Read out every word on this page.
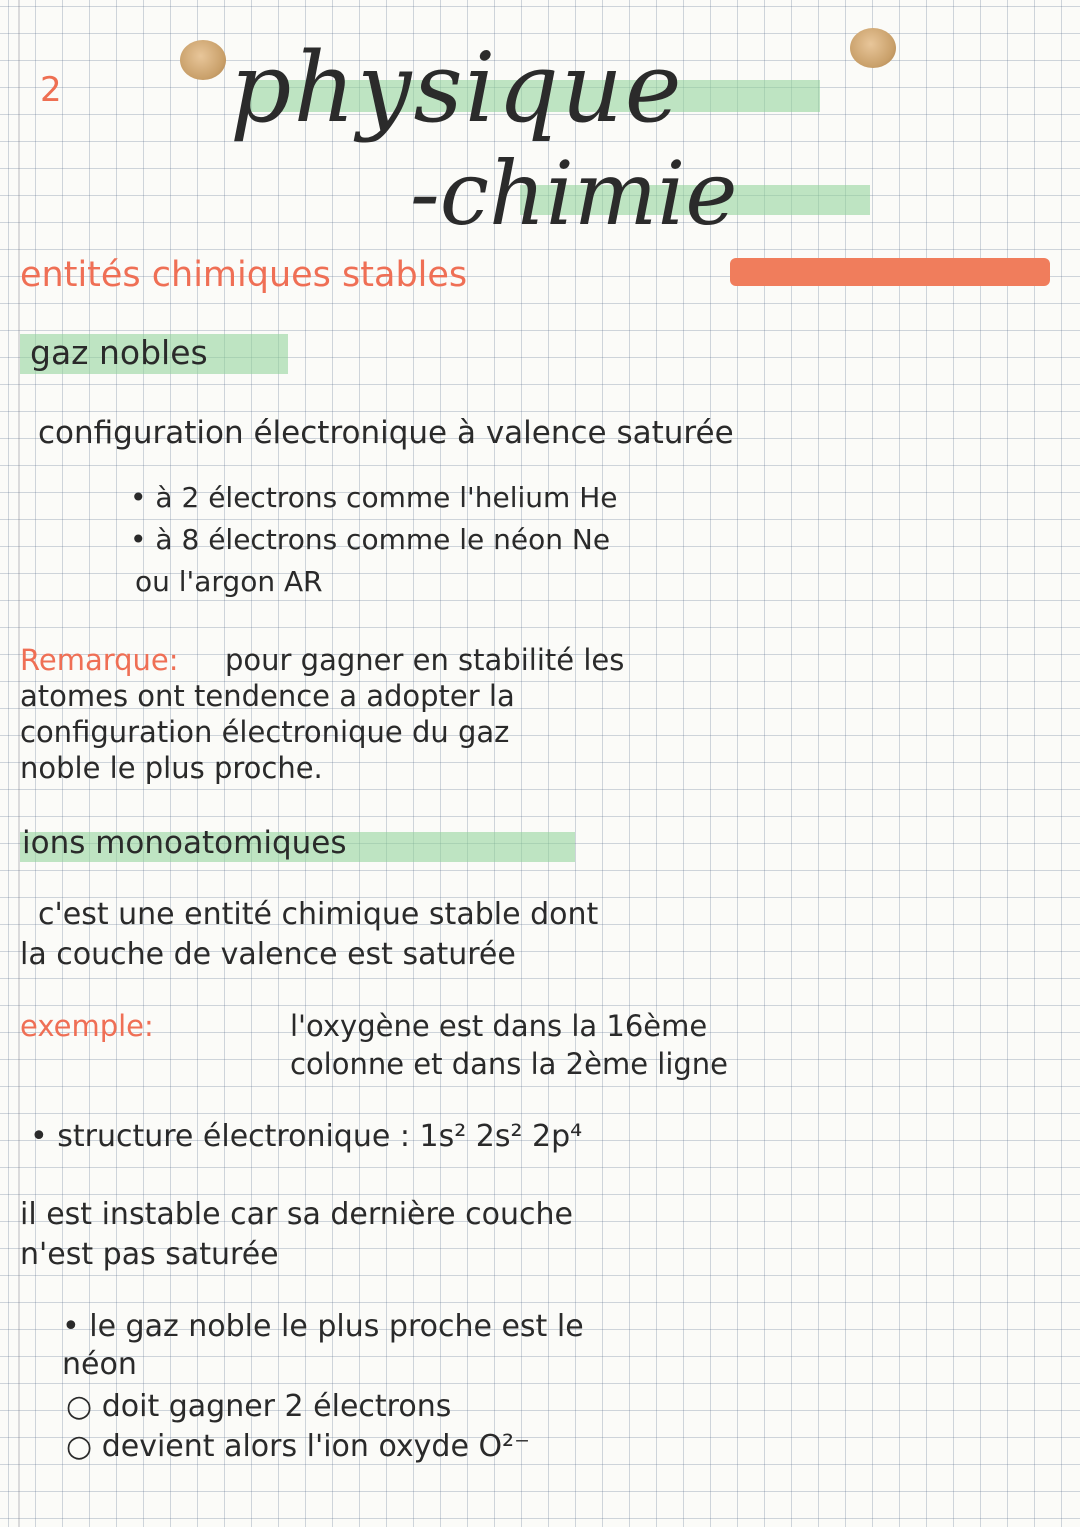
2 physique
-chimie
entités chimiques stables
gaz nobles
configuration électronique à valence saturée
• à 2 électrons comme l'helium He
• à 8 électrons comme le néon Ne
ou l'argon AR
Remarque: pour gagner en stabilité les
atomes ont tendence a adopter la
configuration électronique du gaz
noble le plus proche.
ions monoatomiques
c'est une entité chimique stable dont
la couche de valence est saturée
exemple:	l'oxygène est dans la 16ème
colonne et dans la 2ème ligne
• structure électronique : 1s² 2s² 2p⁴
il est instable car sa dernière couche
n'est pas saturée
• le gaz noble le plus proche est le
néon
○ doit gagner 2 électrons
○ devient alors l'ion oxyde O²⁻
